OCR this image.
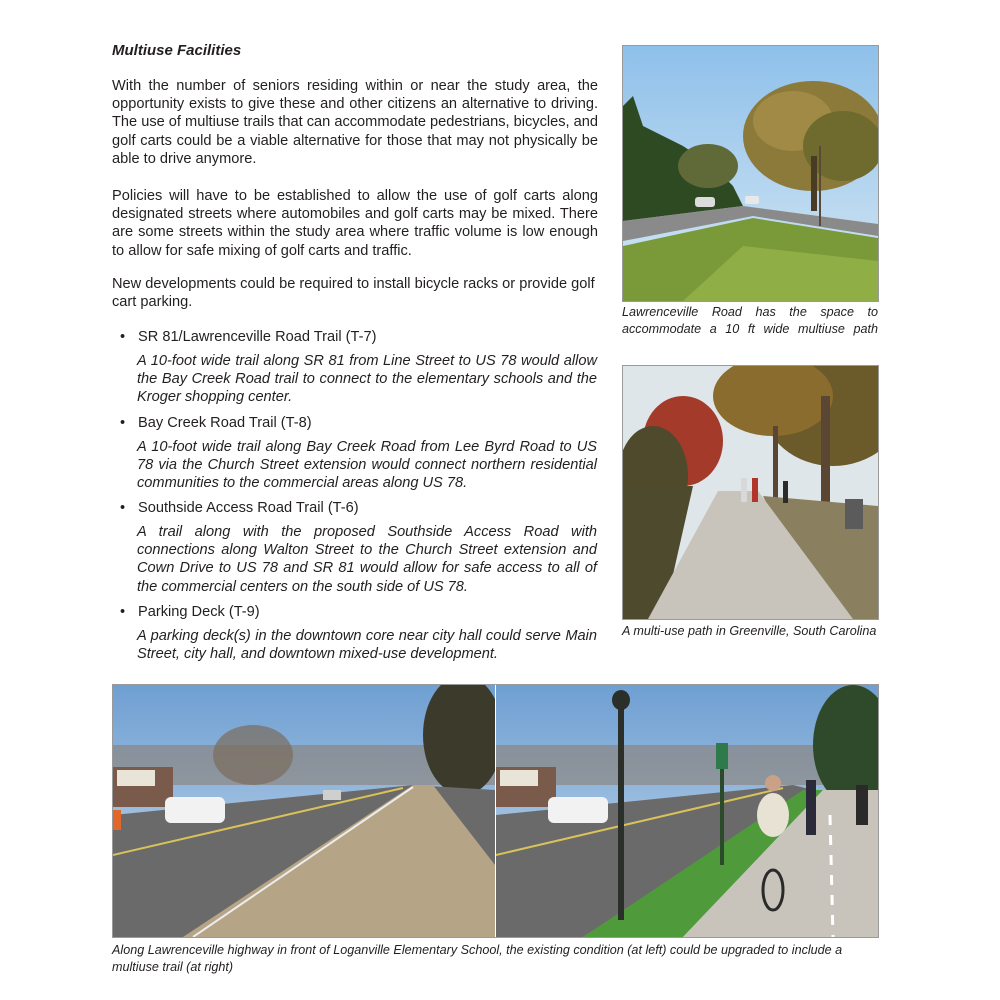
Multiuse Facilities

With the number of seniors residing within or near the study area, the opportunity exists to give these and other citizens an alternative to driving. The use of multiuse trails that can accommodate pedestrians, bicycles, and golf carts could be a viable alternative for those that may not physically be able to drive anymore.

Policies will have to be established to allow the use of golf carts along designated streets where automobiles and golf carts may be mixed. There are some streets within the study area where traffic volume is low enough to allow for safe mixing of golf carts and traffic.

New developments could be required to install bicycle racks or provide golf cart parking.

• SR 81/Lawrenceville Road Trail (T-7)

A 10-foot wide trail along SR 81 from Line Street to US 78 would allow the Bay Creek Road trail to connect to the elementary schools and the Kroger shopping center.

• Bay Creek Road Trail (T-8)

A 10-foot wide trail along Bay Creek Road from Lee Byrd Road to US 78 via the Church Street extension would connect northern residential communities to the commercial areas along US 78.

• Southside Access Road Trail (T-6)

A trail along with the proposed Southside Access Road with connections along Walton Street to the Church Street extension and Cown Drive to US 78 and SR 81 would allow for safe access to all of the commercial centers on the south side of US 78.

• Parking Deck (T-9)

A parking deck(s) in the downtown core near city hall could serve Main Street, city hall, and downtown mixed-use development.

Lawrenceville Road has the space to
accommodate a 10 ft wide multiuse path

A multi-use path in Greenville, South Carolina

Along Lawrenceville highway in front of Loganville Elementary School, the existing condition (at left) could be upgraded to include a multiuse trail (at right)
